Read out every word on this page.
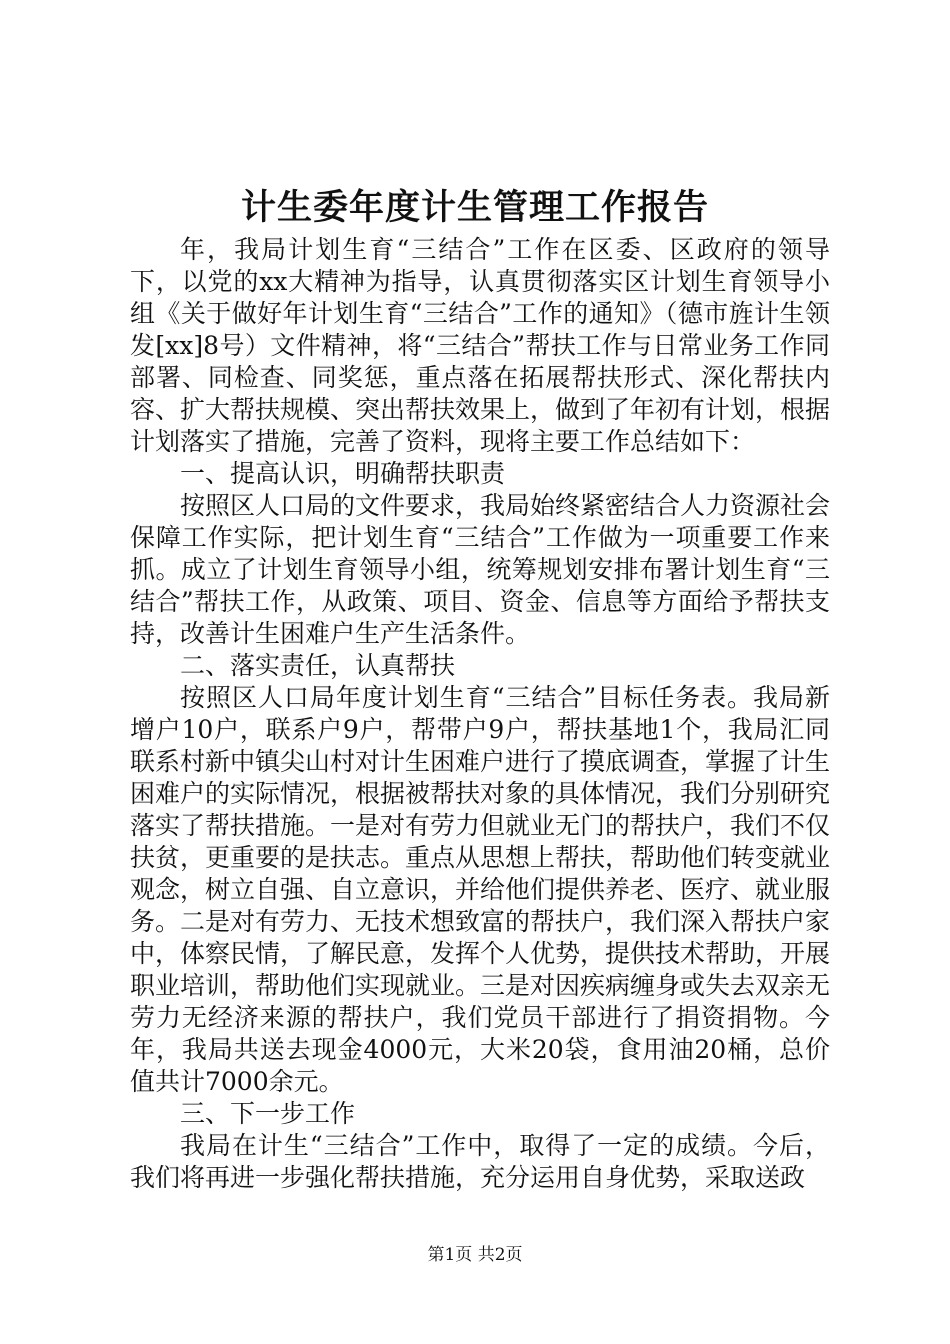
计生委年度计生管理工作报告

年，我局计划生育“三结合”工作在区委、区政府的领导下，以党的xx大精神为指导，认真贯彻落实区计划生育领导小组《关于做好年计划生育“三结合”工作的通知》（德市旌计生领发[xx]8号）文件精神，将“三结合”帮扶工作与日常业务工作同部署、同检查、同奖惩，重点落在拓展帮扶形式、深化帮扶内容、扩大帮扶规模、突出帮扶效果上，做到了年初有计划，根据计划落实了措施，完善了资料，现将主要工作总结如下：

一、提高认识，明确帮扶职责

按照区人口局的文件要求，我局始终紧密结合人力资源社会保障工作实际，把计划生育“三结合”工作做为一项重要工作来抓。成立了计划生育领导小组，统筹规划安排布署计划生育“三结合”帮扶工作，从政策、项目、资金、信息等方面给予帮扶支持，改善计生困难户生产生活条件。

二、落实责任，认真帮扶

按照区人口局年度计划生育“三结合”目标任务表。我局新增户10户，联系户9户，帮带户9户，帮扶基地1个，我局汇同联系村新中镇尖山村对计生困难户进行了摸底调查，掌握了计生困难户的实际情况，根据被帮扶对象的具体情况，我们分别研究落实了帮扶措施。一是对有劳力但就业无门的帮扶户，我们不仅扶贫，更重要的是扶志。重点从思想上帮扶，帮助他们转变就业观念，树立自强、自立意识，并给他们提供养老、医疗、就业服务。二是对有劳力、无技术想致富的帮扶户，我们深入帮扶户家中，体察民情，了解民意，发挥个人优势，提供技术帮助，开展职业培训，帮助他们实现就业。三是对因疾病缠身或失去双亲无劳力无经济来源的帮扶户，我们党员干部进行了捐资捐物。今年，我局共送去现金4000元，大米20袋，食用油20桶，总价值共计7000余元。

三、下一步工作

我局在计生“三结合”工作中，取得了一定的成绩。今后，我们将再进一步强化帮扶措施，充分运用自身优势，采取送政

第1页 共2页
